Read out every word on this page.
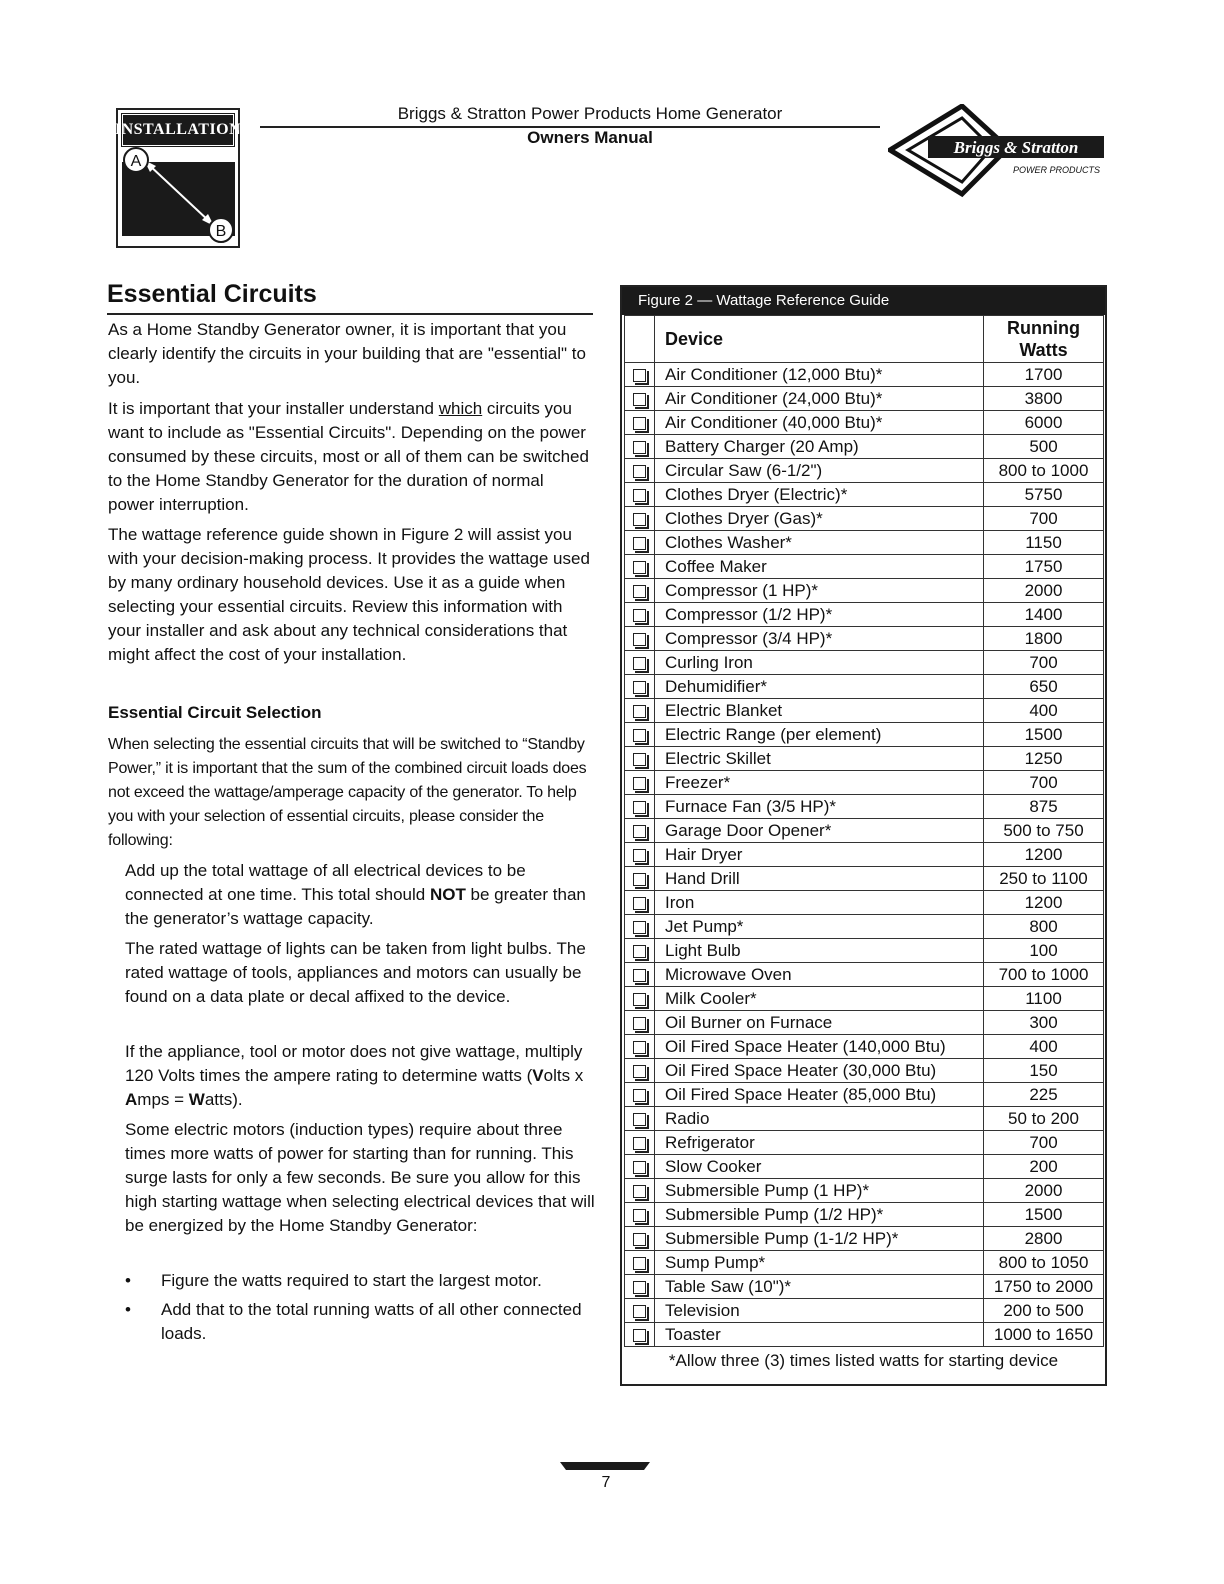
INSTALLATION
A
B
Briggs & Stratton Power Products Home Generator
Owners Manual
Briggs & Stratton
POWER PRODUCTS
Essential Circuits
As a Home Standby Generator owner, it is important that you clearly identify the circuits in your building that are "essential" to you.
It is important that your installer understand which circuits you want to include as "Essential Circuits". Depending on the power consumed by these circuits, most or all of them can be switched to the Home Standby Generator for the duration of normal power interruption.
The wattage reference guide shown in Figure 2 will assist you with your decision-making process. It provides the wattage used by many ordinary household devices. Use it as a guide when selecting your essential circuits. Review this information with your installer and ask about any technical considerations that might affect the cost of your installation.
Essential Circuit Selection
When selecting the essential circuits that will be switched to “Standby Power,” it is important that the sum of the combined circuit loads does not exceed the wattage/amperage capacity of the generator. To help you with your selection of essential circuits, please consider the following:
Add up the total wattage of all electrical devices to be connected at one time. This total should NOT be greater than the generator’s wattage capacity.
The rated wattage of lights can be taken from light bulbs. The rated wattage of tools, appliances and motors can usually be found on a data plate or decal affixed to the device.
If the appliance, tool or motor does not give wattage, multiply 120 Volts times the ampere rating to determine watts (Volts x Amps = Watts).
Some electric motors (induction types) require about three times more watts of power for starting than for running. This surge lasts for only a few seconds. Be sure you allow for this high starting wattage when selecting electrical devices that will be energized by the Home Standby Generator:
• Figure the watts required to start the largest motor.
• Add that to the total running watts of all other connected loads.
Figure 2 — Wattage Reference Guide
	Device	Running
Watts
	Air Conditioner (12,000 Btu)*	1700
	Air Conditioner (24,000 Btu)*	3800
	Air Conditioner (40,000 Btu)*	6000
	Battery Charger (20 Amp)	500
	Circular Saw (6-1/2")	800 to 1000
	Clothes Dryer (Electric)*	5750
	Clothes Dryer (Gas)*	700
	Clothes Washer*	1150
	Coffee Maker	1750
	Compressor (1 HP)*	2000
	Compressor (1/2 HP)*	1400
	Compressor (3/4 HP)*	1800
	Curling Iron	700
	Dehumidifier*	650
	Electric Blanket	400
	Electric Range (per element)	1500
	Electric Skillet	1250
	Freezer*	700
	Furnace Fan (3/5 HP)*	875
	Garage Door Opener*	500 to 750
	Hair Dryer	1200
	Hand Drill	250 to 1100
	Iron	1200
	Jet Pump*	800
	Light Bulb	100
	Microwave Oven	700 to 1000
	Milk Cooler*	1100
	Oil Burner on Furnace	300
	Oil Fired Space Heater (140,000 Btu)	400
	Oil Fired Space Heater (30,000 Btu)	150
	Oil Fired Space Heater (85,000 Btu)	225
	Radio	50 to 200
	Refrigerator	700
	Slow Cooker	200
	Submersible Pump (1 HP)*	2000
	Submersible Pump (1/2 HP)*	1500
	Submersible Pump (1-1/2 HP)*	2800
	Sump Pump*	800 to 1050
	Table Saw (10")*	1750 to 2000
	Television	200 to 500
	Toaster	1000 to 1650
*Allow three (3) times listed watts for starting device
7
